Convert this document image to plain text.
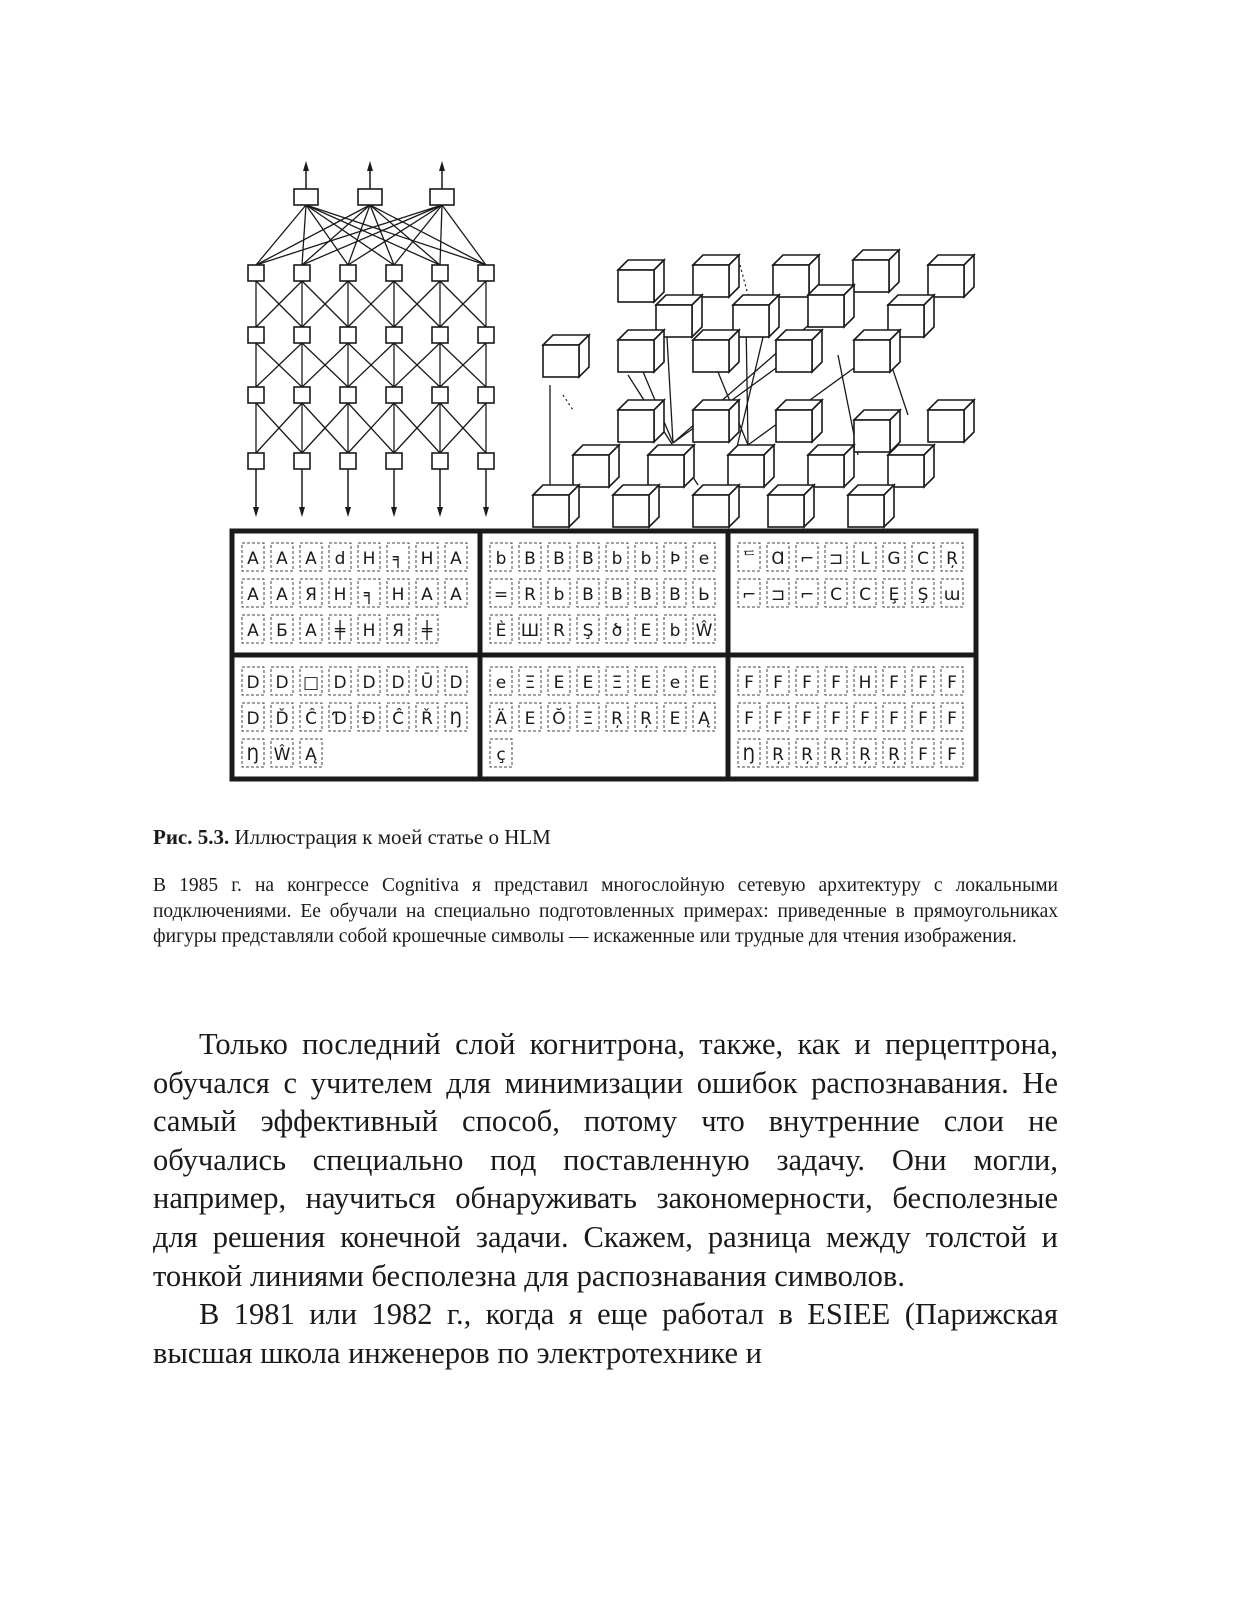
A A A d H ╕ H A
A A Я H ╕ H A A
A Б A ╪ H Я ╪
b B В B b b Þ e
= R b В В B В Ь
Ѐ Ш R Ş ծ E b Ŵ
ᄃ Ɑ ⌐ ⊐ L G C Ŗ
⌐ ⊐ ⌐ C C Ȩ Ş ɯ
D D □ D D D Ū D
D Ď Ĉ Ɗ Đ Ĉ Ř Ŋ
Ŋ Ŵ Ą
e Ξ E E Ξ E e E
Ä E Ŏ Ξ Ŗ Ŗ E Ą
ҫ
F F F F H F F F
F F F F F F F F
Ŋ Ŗ Ŗ Ŗ Ŗ Ŗ F F
Рис. 5.3. Иллюстрация к моей статье о HLM
В 1985 г. на конгрессе Cognitiva я представил многослойную сетевую архитектуру с локальными подключениями. Ее обучали на специально подготовленных примерах: приведенные в прямоугольниках фигуры представляли собой крошечные символы — искаженные или трудные для чтения изображения.

Только последний слой когнитрона, также, как и перцептрона, обучался с учителем для минимизации ошибок распознавания. Не самый эффективный способ, потому что внутренние слои не обучались специально под поставленную задачу. Они могли, например, научиться обнаруживать закономерности, бесполезные для решения конечной задачи. Скажем, разница между толстой и тонкой линиями бесполезна для распознавания символов.

В 1981 или 1982 г., когда я еще работал в ESIEE (Парижская высшая школа инженеров по электротехнике и
